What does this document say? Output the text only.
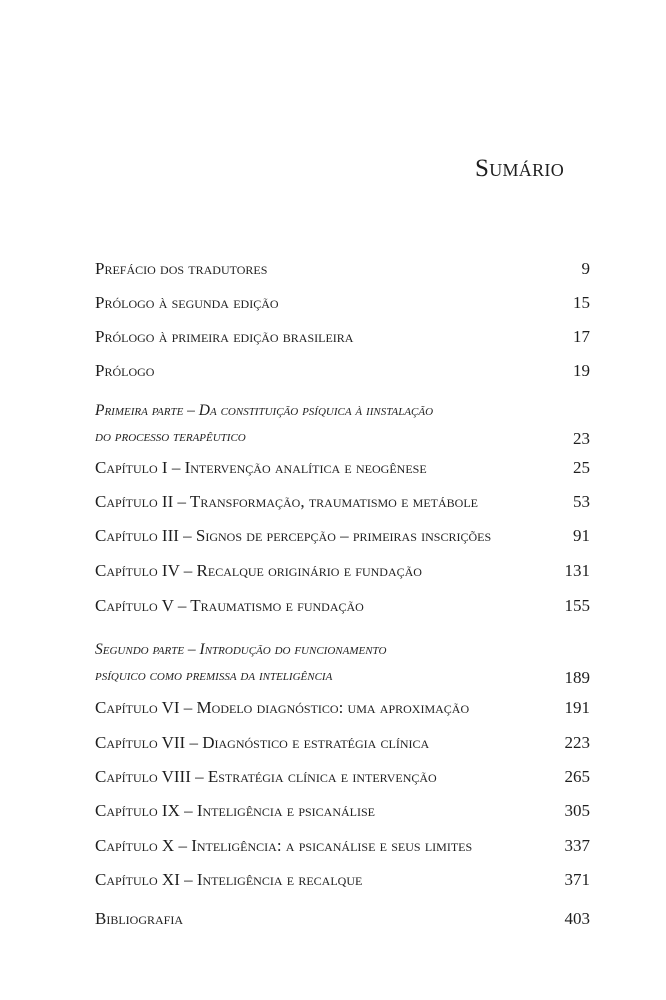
Sumário
Prefácio dos tradutores	9
Prólogo à segunda edição	15
Prólogo à primeira edição brasileira	17
Prólogo	19
Primeira parte – Da constituição psíquica à iinstalação
do processo terapêutico	23
Capítulo I – Intervenção analítica e neogênese	25
Capítulo II – Transformação, traumatismo e metábole	53
Capítulo III – Signos de percepção – primeiras inscrições	91
Capítulo IV – Recalque originário e fundação	131
Capítulo V – Traumatismo e fundação	155
Segundo parte – Introdução do funcionamento
psíquico como premissa da inteligência	189
Capítulo VI – Modelo diagnóstico: uma aproximação	191
Capítulo VII – Diagnóstico e estratégia clínica	223
Capítulo VIII – Estratégia clínica e intervenção	265
Capítulo IX – Inteligência e psicanálise	305
Capítulo X – Inteligência: a psicanálise e seus limites	337
Capítulo XI – Inteligência e recalque	371
Bibliografia	403
